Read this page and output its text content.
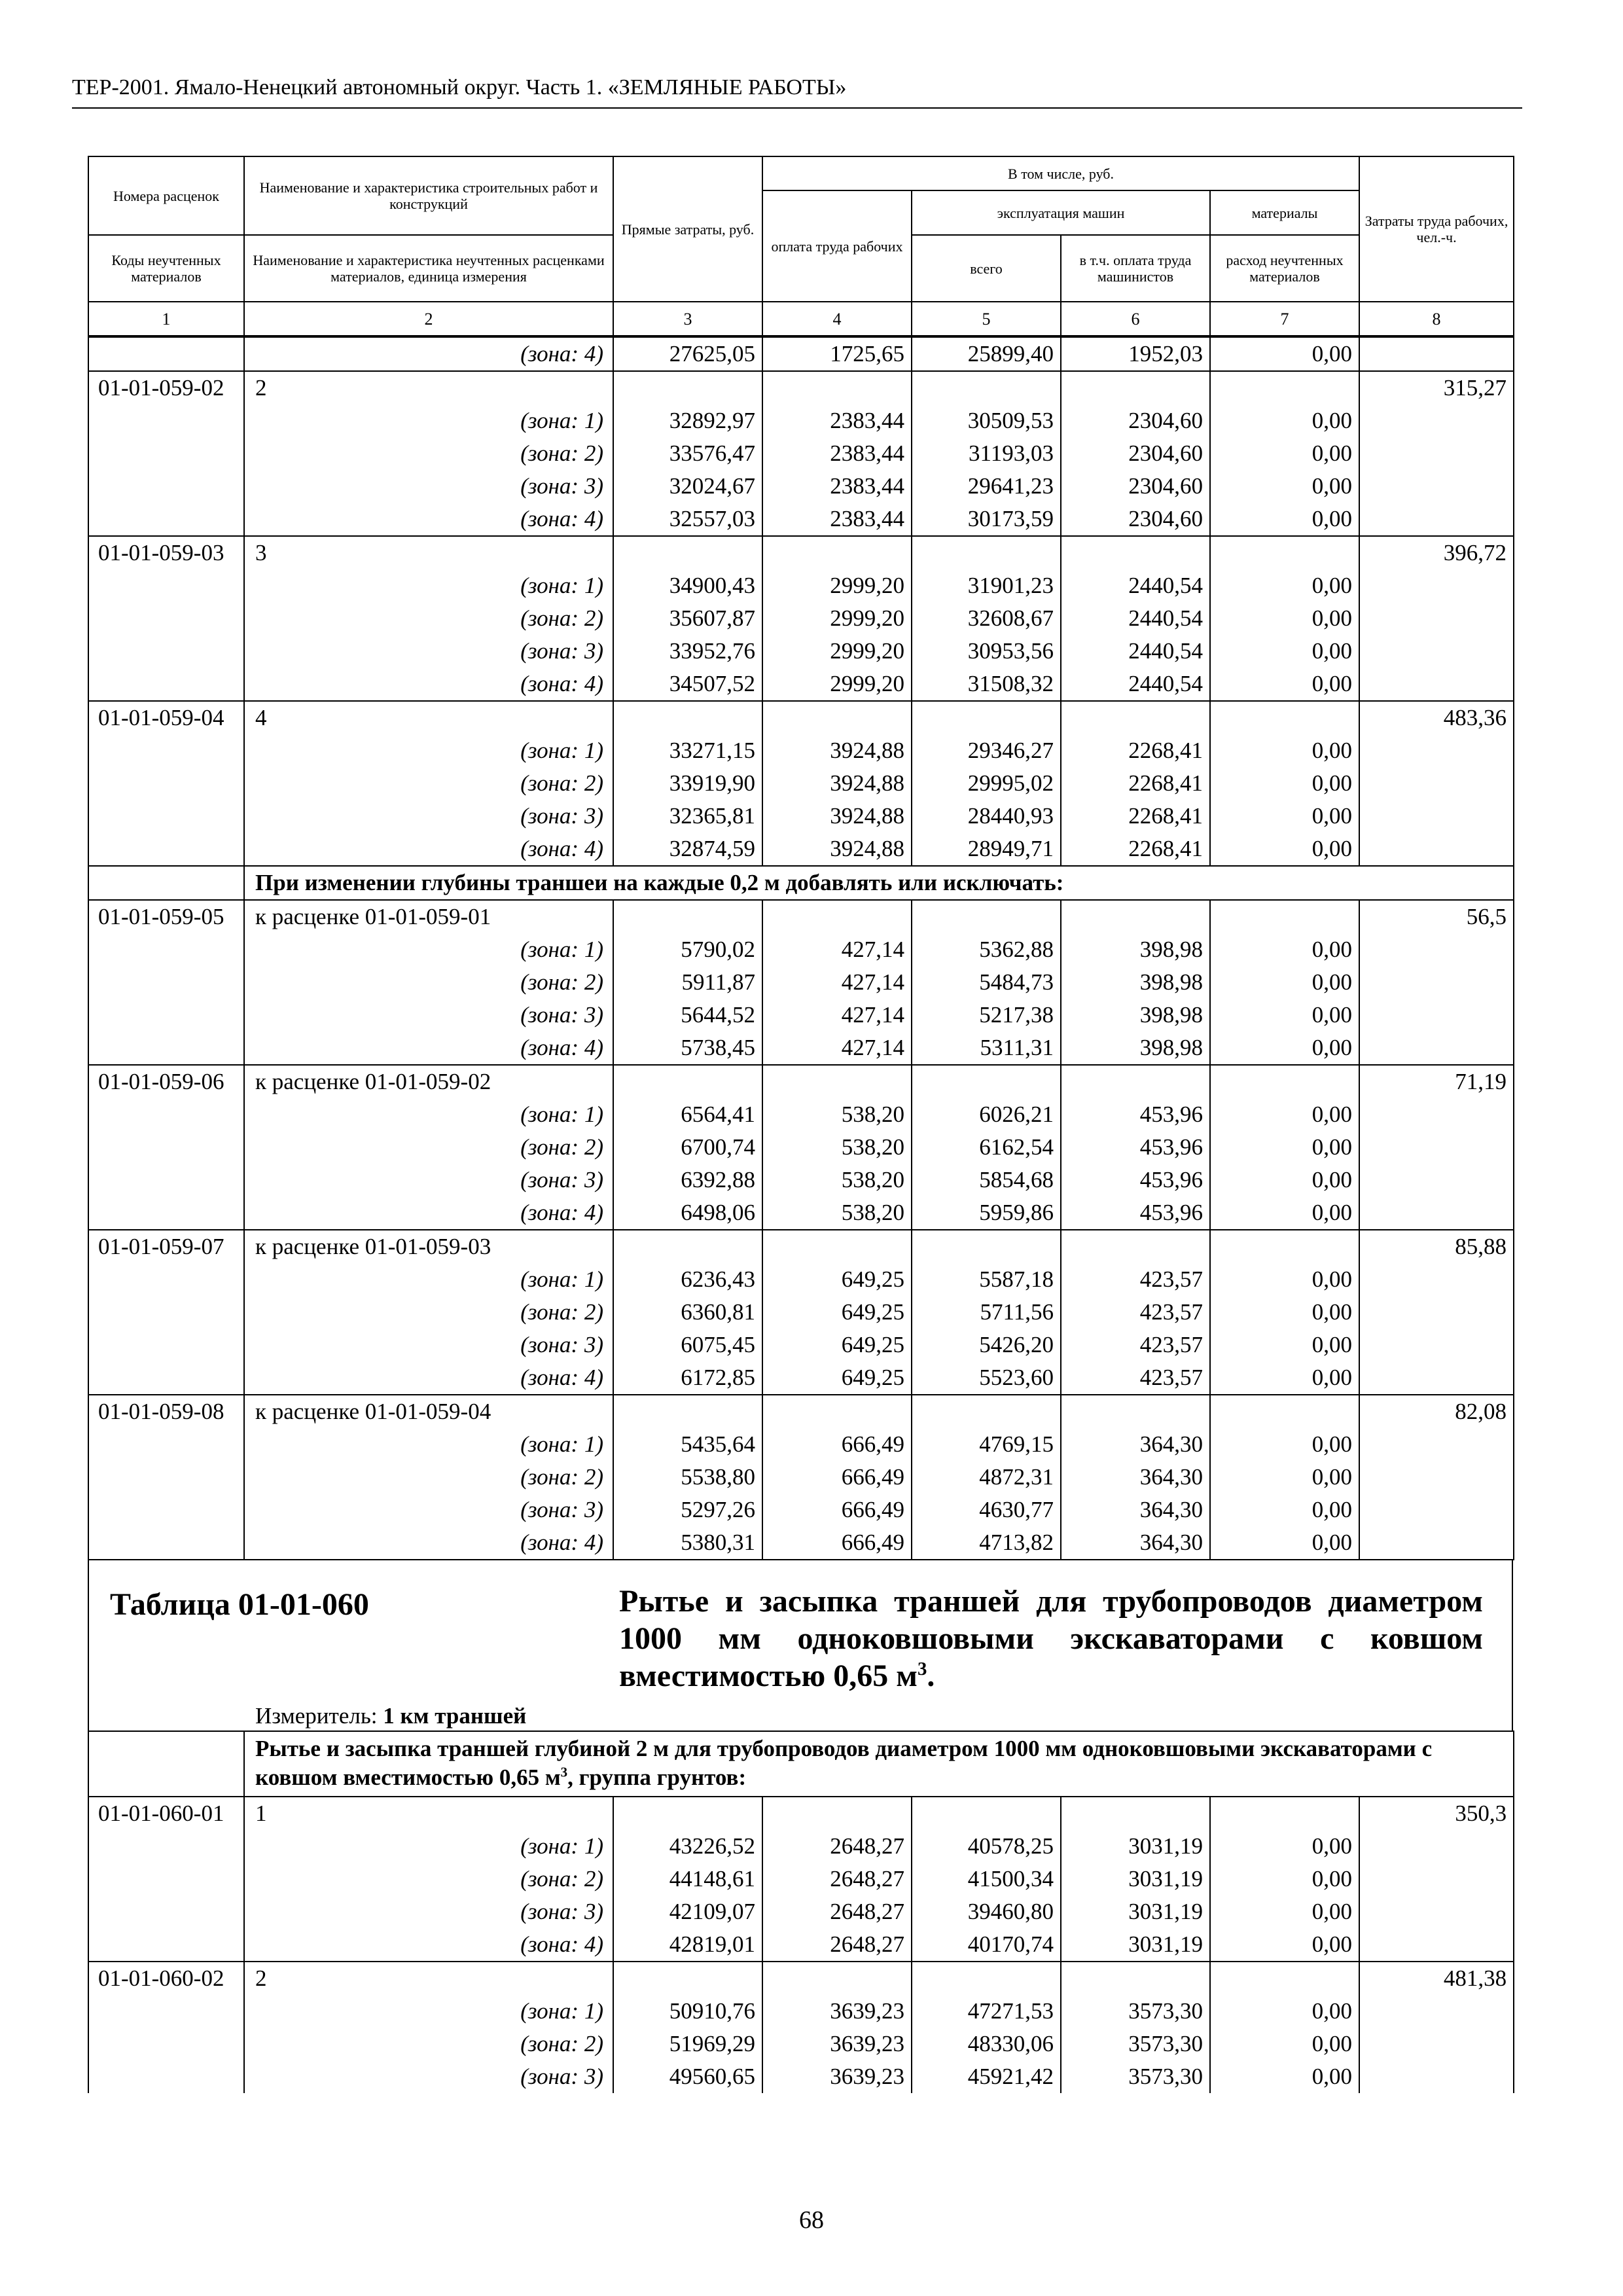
ТЕР-2001. Ямало-Ненецкий автономный округ. Часть 1. «ЗЕМЛЯНЫЕ РАБОТЫ»
Номера расценок	Наименование и характеристика строительных работ и конструкций	Прямые затраты, руб.	В том числе, руб.				Затраты труда рабочих, чел.-ч.
			оплата труда рабочих	эксплуатация машин		материалы	
Коды неучтенных материалов	Наименование и характеристика неучтенных расценками материалов, единица измерения			всего	в т.ч. оплата труда машинистов	расход неучтенных материалов	
1	2	3	4	5	6	7	8
	(зона: 4)	27625,05	1725,65	25899,40	1952,03	0,00	
01-01-059-02	2						315,27
	(зона: 1)	32892,97	2383,44	30509,53	2304,60	0,00	
	(зона: 2)	33576,47	2383,44	31193,03	2304,60	0,00	
	(зона: 3)	32024,67	2383,44	29641,23	2304,60	0,00	
	(зона: 4)	32557,03	2383,44	30173,59	2304,60	0,00	
01-01-059-03	3						396,72
	(зона: 1)	34900,43	2999,20	31901,23	2440,54	0,00	
	(зона: 2)	35607,87	2999,20	32608,67	2440,54	0,00	
	(зона: 3)	33952,76	2999,20	30953,56	2440,54	0,00	
	(зона: 4)	34507,52	2999,20	31508,32	2440,54	0,00	
01-01-059-04	4						483,36
	(зона: 1)	33271,15	3924,88	29346,27	2268,41	0,00	
	(зона: 2)	33919,90	3924,88	29995,02	2268,41	0,00	
	(зона: 3)	32365,81	3924,88	28440,93	2268,41	0,00	
	(зона: 4)	32874,59	3924,88	28949,71	2268,41	0,00	
	При изменении глубины траншеи на каждые 0,2 м добавлять или исключать:						
01-01-059-05	к расценке 01-01-059-01						56,5
	(зона: 1)	5790,02	427,14	5362,88	398,98	0,00	
	(зона: 2)	5911,87	427,14	5484,73	398,98	0,00	
	(зона: 3)	5644,52	427,14	5217,38	398,98	0,00	
	(зона: 4)	5738,45	427,14	5311,31	398,98	0,00	
01-01-059-06	к расценке 01-01-059-02						71,19
	(зона: 1)	6564,41	538,20	6026,21	453,96	0,00	
	(зона: 2)	6700,74	538,20	6162,54	453,96	0,00	
	(зона: 3)	6392,88	538,20	5854,68	453,96	0,00	
	(зона: 4)	6498,06	538,20	5959,86	453,96	0,00	
01-01-059-07	к расценке 01-01-059-03						85,88
	(зона: 1)	6236,43	649,25	5587,18	423,57	0,00	
	(зона: 2)	6360,81	649,25	5711,56	423,57	0,00	
	(зона: 3)	6075,45	649,25	5426,20	423,57	0,00	
	(зона: 4)	6172,85	649,25	5523,60	423,57	0,00	
01-01-059-08	к расценке 01-01-059-04						82,08
	(зона: 1)	5435,64	666,49	4769,15	364,30	0,00	
	(зона: 2)	5538,80	666,49	4872,31	364,30	0,00	
	(зона: 3)	5297,26	666,49	4630,77	364,30	0,00	
	(зона: 4)	5380,31	666,49	4713,82	364,30	0,00	
Таблица 01-01-060	Рытье и засыпка траншей для трубопроводов диаметром 1000 мм одноковшовыми экскаваторами с ковшом вместимостью 0,65 $м^3$.
Измеритель: 1 км траншей
	Рытье и засыпка траншей глубиной 2 м для трубопроводов диаметром 1000 мм одноковшовыми экскаваторами с ковшом вместимостью 0,65 $м^3$, группа грунтов:						
01-01-060-01	1						350,3
	(зона: 1)	43226,52	2648,27	40578,25	3031,19	0,00	
	(зона: 2)	44148,61	2648,27	41500,34	3031,19	0,00	
	(зона: 3)	42109,07	2648,27	39460,80	3031,19	0,00	
	(зона: 4)	42819,01	2648,27	40170,74	3031,19	0,00	
01-01-060-02	2						481,38
	(зона: 1)	50910,76	3639,23	47271,53	3573,30	0,00	
	(зона: 2)	51969,29	3639,23	48330,06	3573,30	0,00	
	(зона: 3)	49560,65	3639,23	45921,42	3573,30	0,00	
68
